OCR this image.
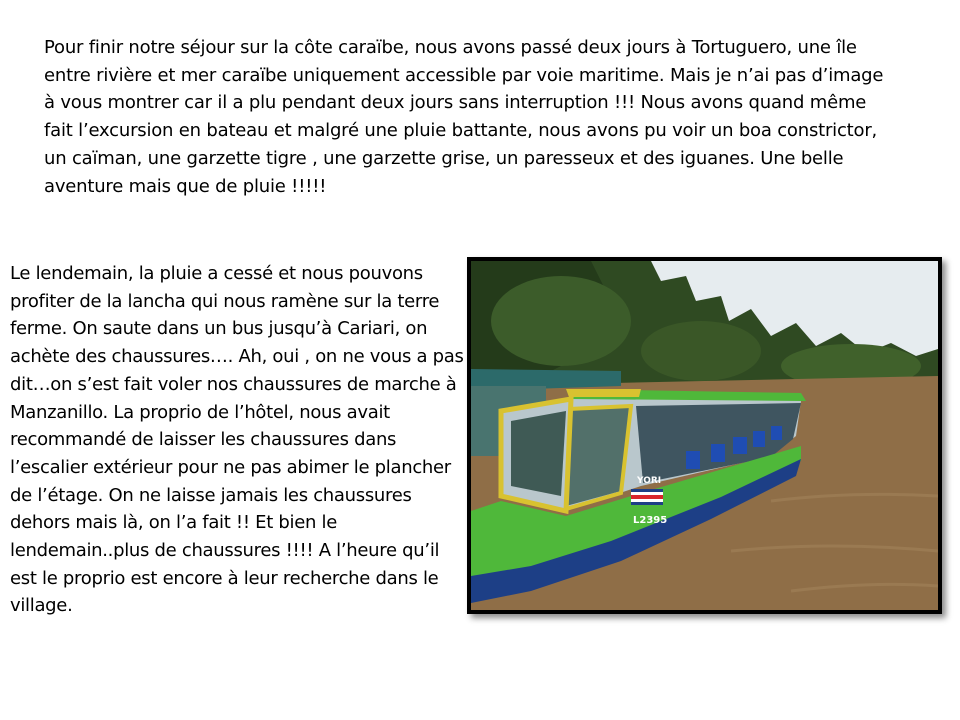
Pour finir notre séjour sur la côte caraïbe, nous avons passé deux jours à Tortuguero, une île entre rivière et mer caraïbe uniquement accessible par voie maritime. Mais je n’ai pas d’image à vous montrer car il a plu pendant deux jours sans interruption !!! Nous avons quand même fait l’excursion en bateau et malgré une pluie battante, nous avons pu voir un boa constrictor, un caïman, une garzette tigre , une garzette grise, un paresseux et des iguanes. Une belle aventure mais que de pluie !!!!!

Le lendemain, la pluie a cessé et nous pouvons profiter de la lancha qui nous ramène sur la terre ferme. On saute dans un bus jusqu’à Cariari, on achète des chaussures…. Ah, oui , on ne vous a pas dit…on s’est fait voler nos chaussures de marche à Manzanillo. La proprio de l’hôtel, nous avait recommandé de laisser les chaussures dans l’escalier extérieur pour ne pas abimer le plancher de l’étage. On ne laisse jamais les chaussures dehors mais là, on l’a fait !! Et bien le lendemain..plus de chaussures !!!! A l’heure qu’il est le proprio est encore à leur recherche dans le village.

YORI
L2395
